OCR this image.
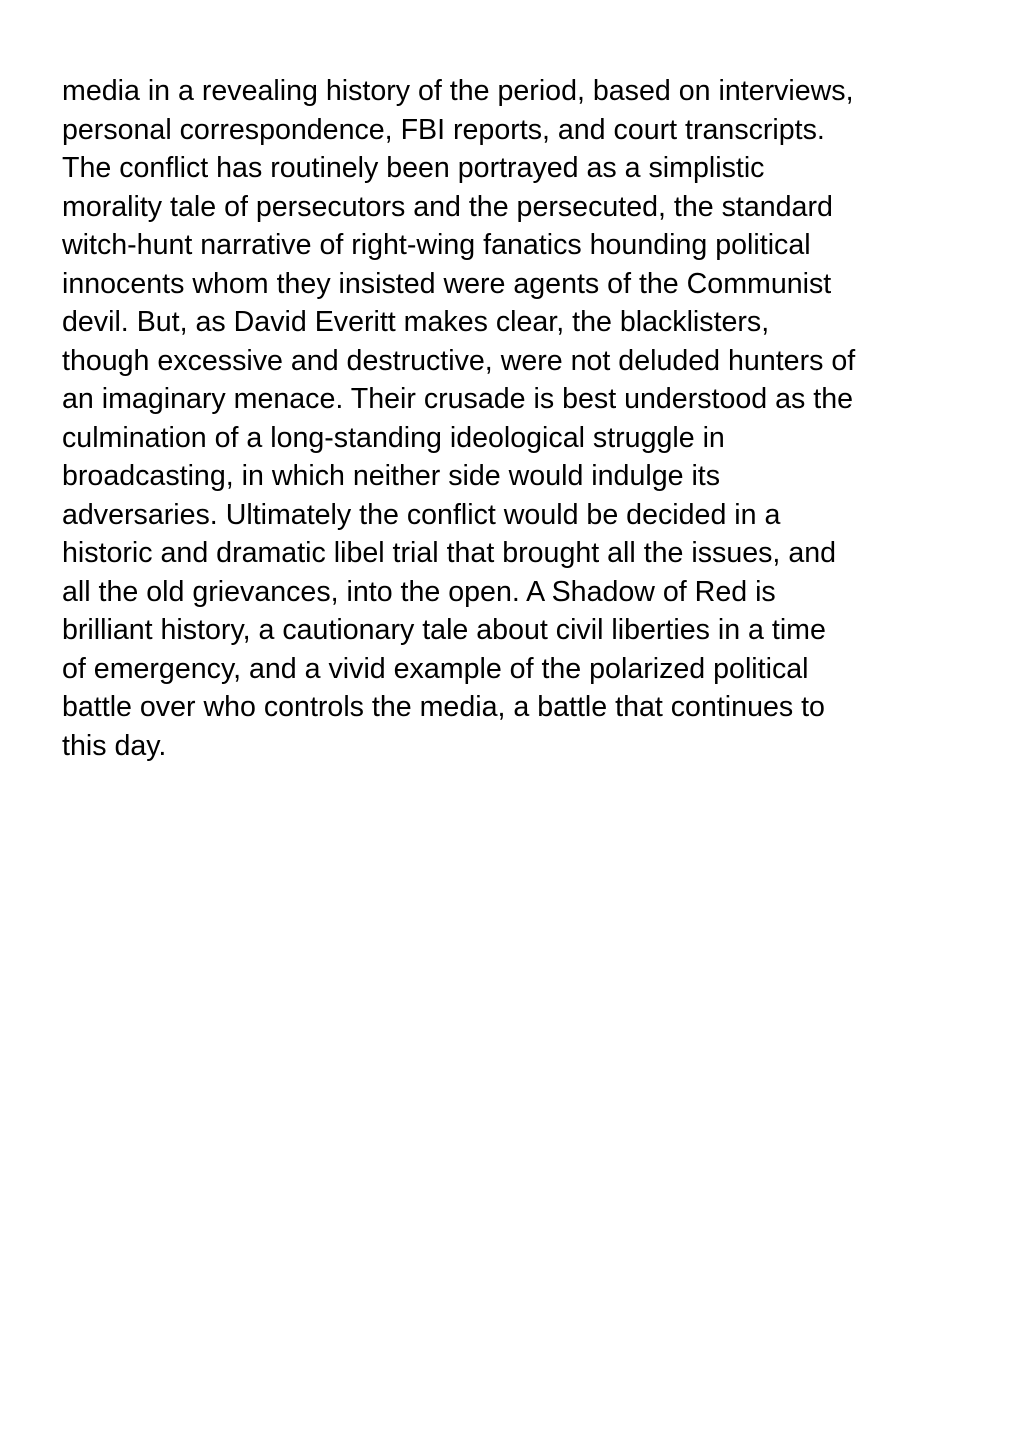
media in a revealing history of the period, based on interviews,
personal correspondence, FBI reports, and court transcripts.
The conflict has routinely been portrayed as a simplistic
morality tale of persecutors and the persecuted, the standard
witch-hunt narrative of right-wing fanatics hounding political
innocents whom they insisted were agents of the Communist
devil. But, as David Everitt makes clear, the blacklisters,
though excessive and destructive, were not deluded hunters of
an imaginary menace. Their crusade is best understood as the
culmination of a long-standing ideological struggle in
broadcasting, in which neither side would indulge its
adversaries. Ultimately the conflict would be decided in a
historic and dramatic libel trial that brought all the issues, and
all the old grievances, into the open. A Shadow of Red is
brilliant history, a cautionary tale about civil liberties in a time
of emergency, and a vivid example of the polarized political
battle over who controls the media, a battle that continues to
this day.
